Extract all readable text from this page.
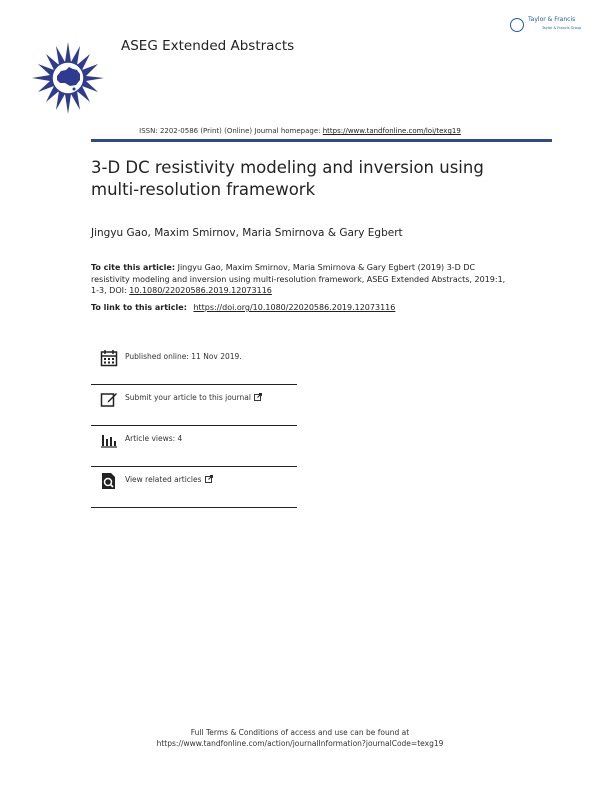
ASEG Extended Abstracts
Taylor & Francis
Taylor & Francis Group
ISSN: 2202-0586 (Print) (Online) Journal homepage: https://www.tandfonline.com/loi/texg19
3-D DC resistivity modeling and inversion using multi-resolution framework
Jingyu Gao, Maxim Smirnov, Maria Smirnova & Gary Egbert
To cite this article: Jingyu Gao, Maxim Smirnov, Maria Smirnova & Gary Egbert (2019) 3-D DC resistivity modeling and inversion using multi-resolution framework, ASEG Extended Abstracts, 2019:1, 1-3, DOI: 10.1080/22020586.2019.12073116
To link to this article: https://doi.org/10.1080/22020586.2019.12073116
Published online: 11 Nov 2019.
Submit your article to this journal
Article views: 4
View related articles
Full Terms & Conditions of access and use can be found at
https://www.tandfonline.com/action/journalInformation?journalCode=texg19
